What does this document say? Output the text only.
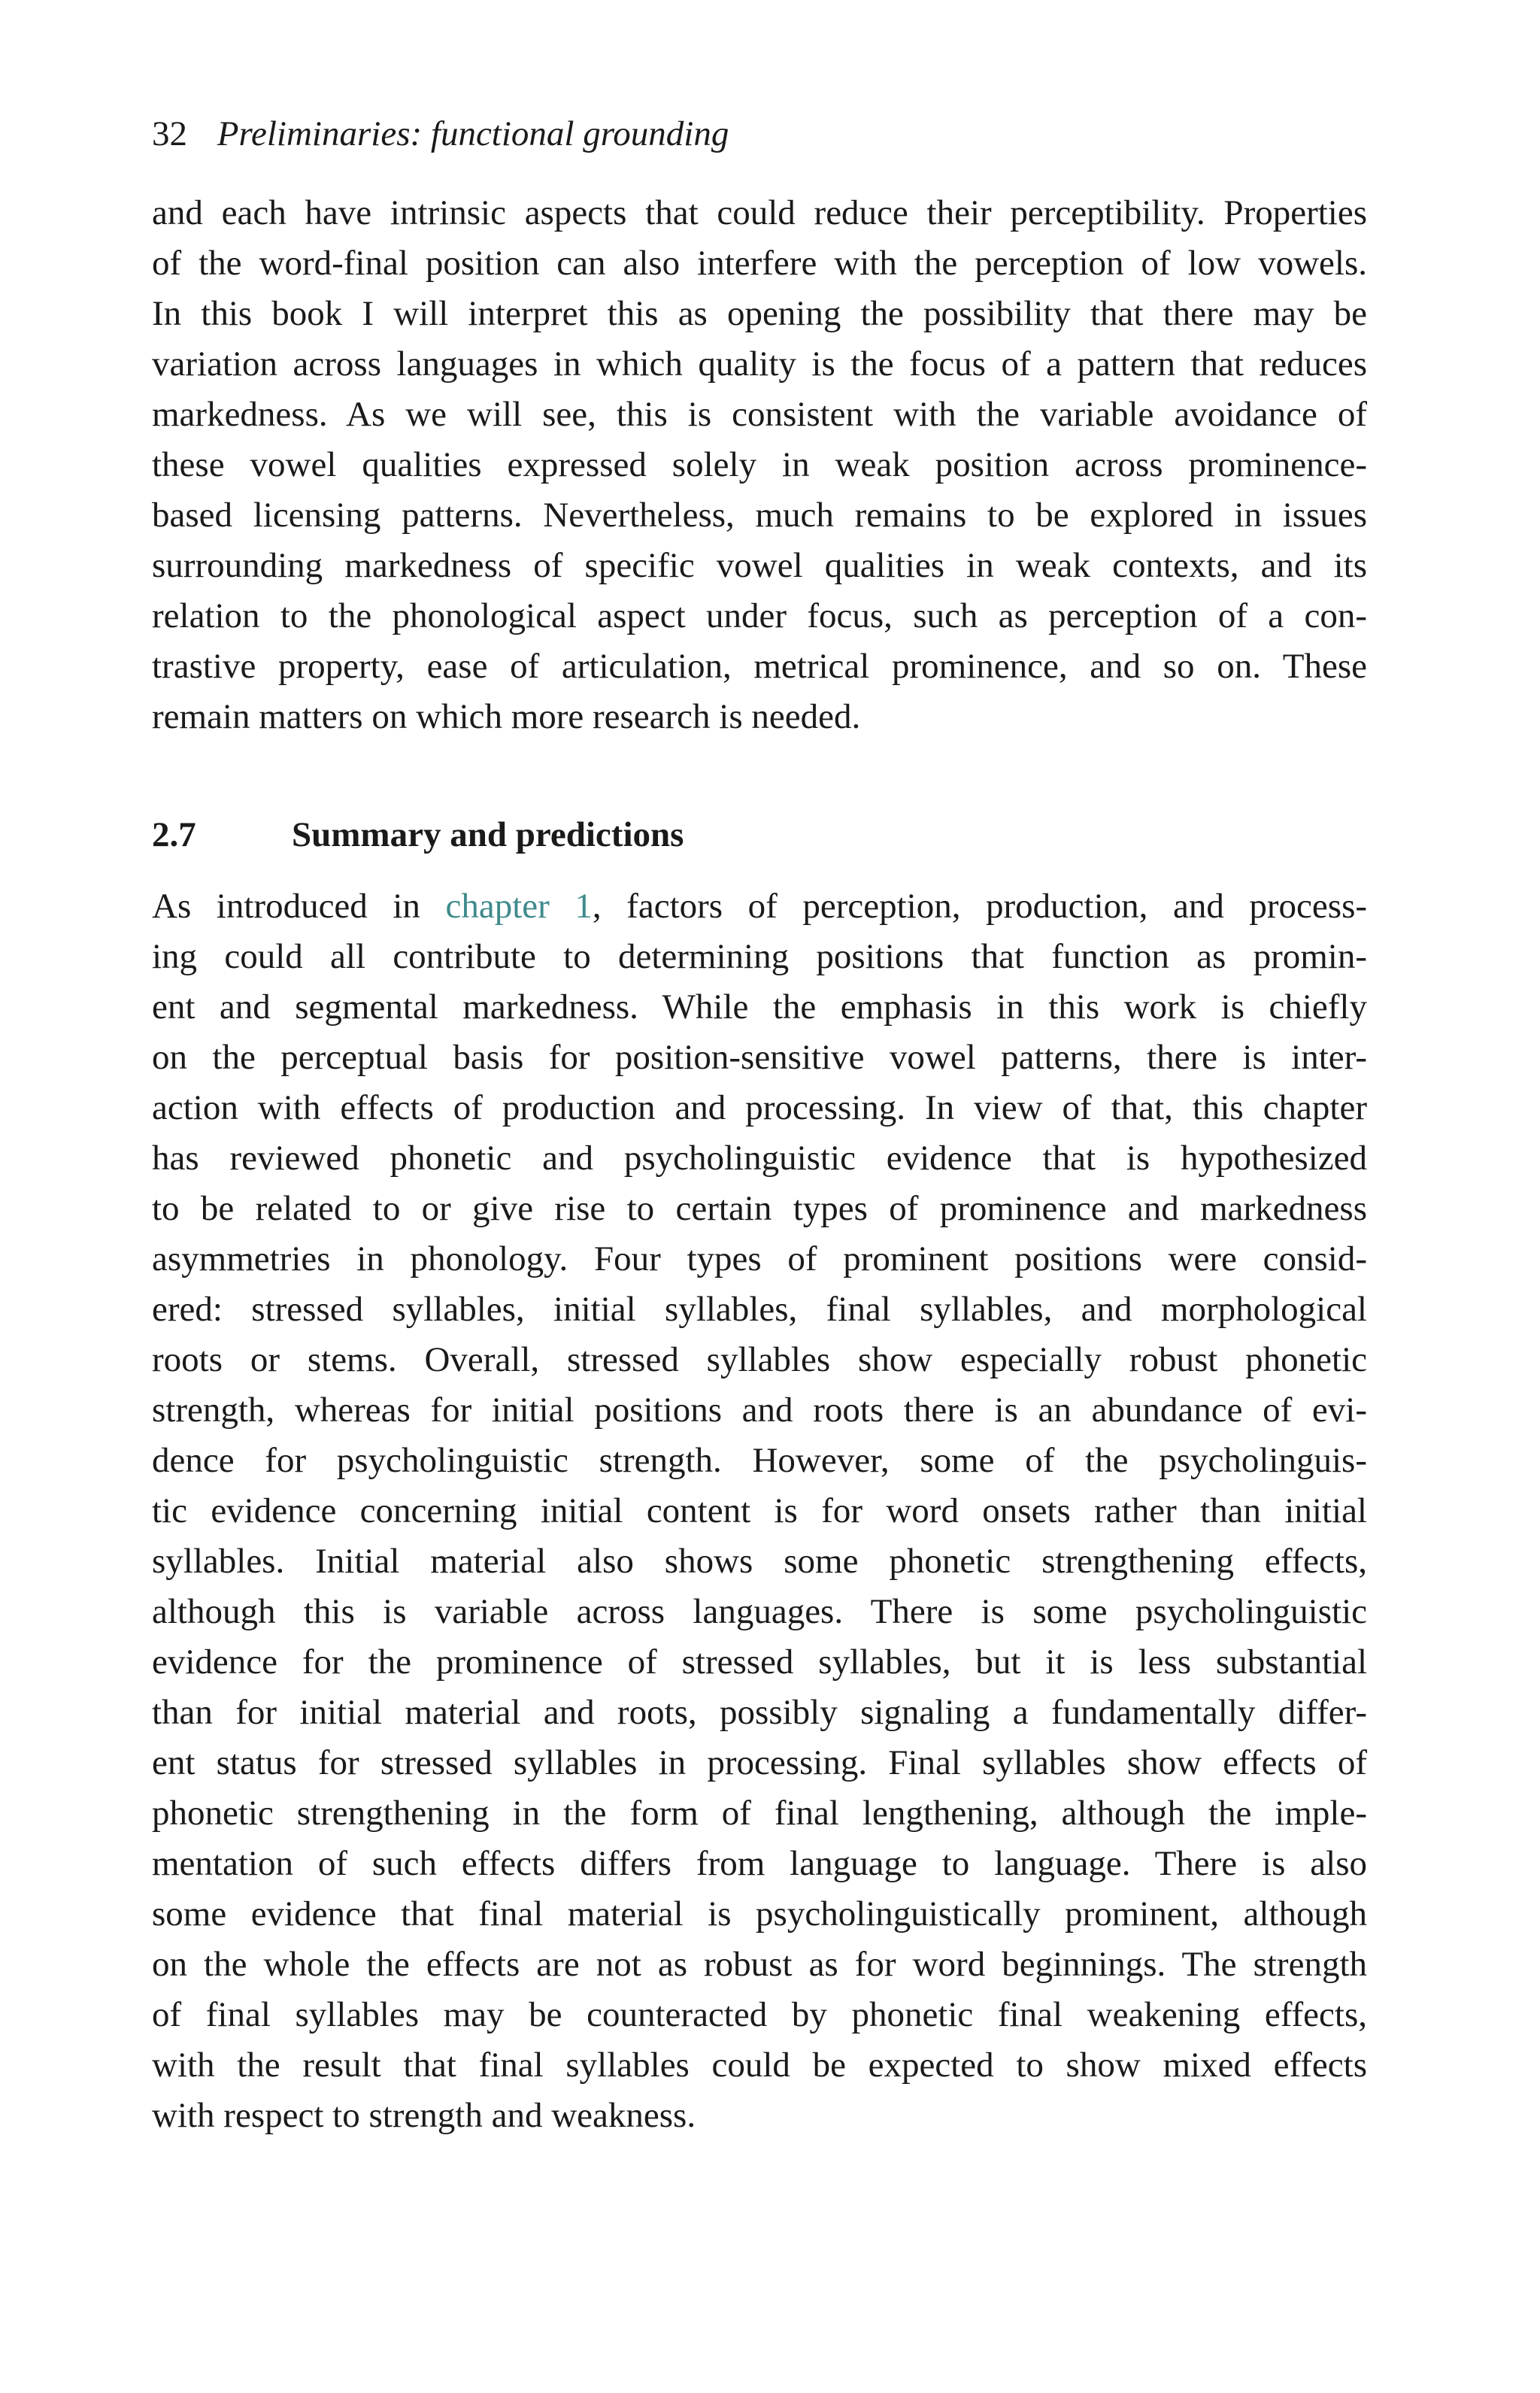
32 Preliminaries: functional grounding
and each have intrinsic aspects that could reduce their perceptibility. Properties
of the word-final position can also interfere with the perception of low vowels.
In this book I will interpret this as opening the possibility that there may be
variation across languages in which quality is the focus of a pattern that reduces
markedness. As we will see, this is consistent with the variable avoidance of
these vowel qualities expressed solely in weak position across prominence-
based licensing patterns. Nevertheless, much remains to be explored in issues
surrounding markedness of specific vowel qualities in weak contexts, and its
relation to the phonological aspect under focus, such as perception of a con-
trastive property, ease of articulation, metrical prominence, and so on. These
remain matters on which more research is needed.
2.7	Summary and predictions
As introduced in chapter 1, factors of perception, production, and process-
ing could all contribute to determining positions that function as promin-
ent and segmental markedness. While the emphasis in this work is chiefly
on the perceptual basis for position-sensitive vowel patterns, there is inter-
action with effects of production and processing. In view of that, this chapter
has reviewed phonetic and psycholinguistic evidence that is hypothesized
to be related to or give rise to certain types of prominence and markedness
asymmetries in phonology. Four types of prominent positions were consid-
ered: stressed syllables, initial syllables, final syllables, and morphological
roots or stems. Overall, stressed syllables show especially robust phonetic
strength, whereas for initial positions and roots there is an abundance of evi-
dence for psycholinguistic strength. However, some of the psycholinguis-
tic evidence concerning initial content is for word onsets rather than initial
syllables. Initial material also shows some phonetic strengthening effects,
although this is variable across languages. There is some psycholinguistic
evidence for the prominence of stressed syllables, but it is less substantial
than for initial material and roots, possibly signaling a fundamentally differ-
ent status for stressed syllables in processing. Final syllables show effects of
phonetic strengthening in the form of final lengthening, although the imple-
mentation of such effects differs from language to language. There is also
some evidence that final material is psycholinguistically prominent, although
on the whole the effects are not as robust as for word beginnings. The strength
of final syllables may be counteracted by phonetic final weakening effects,
with the result that final syllables could be expected to show mixed effects
with respect to strength and weakness.
